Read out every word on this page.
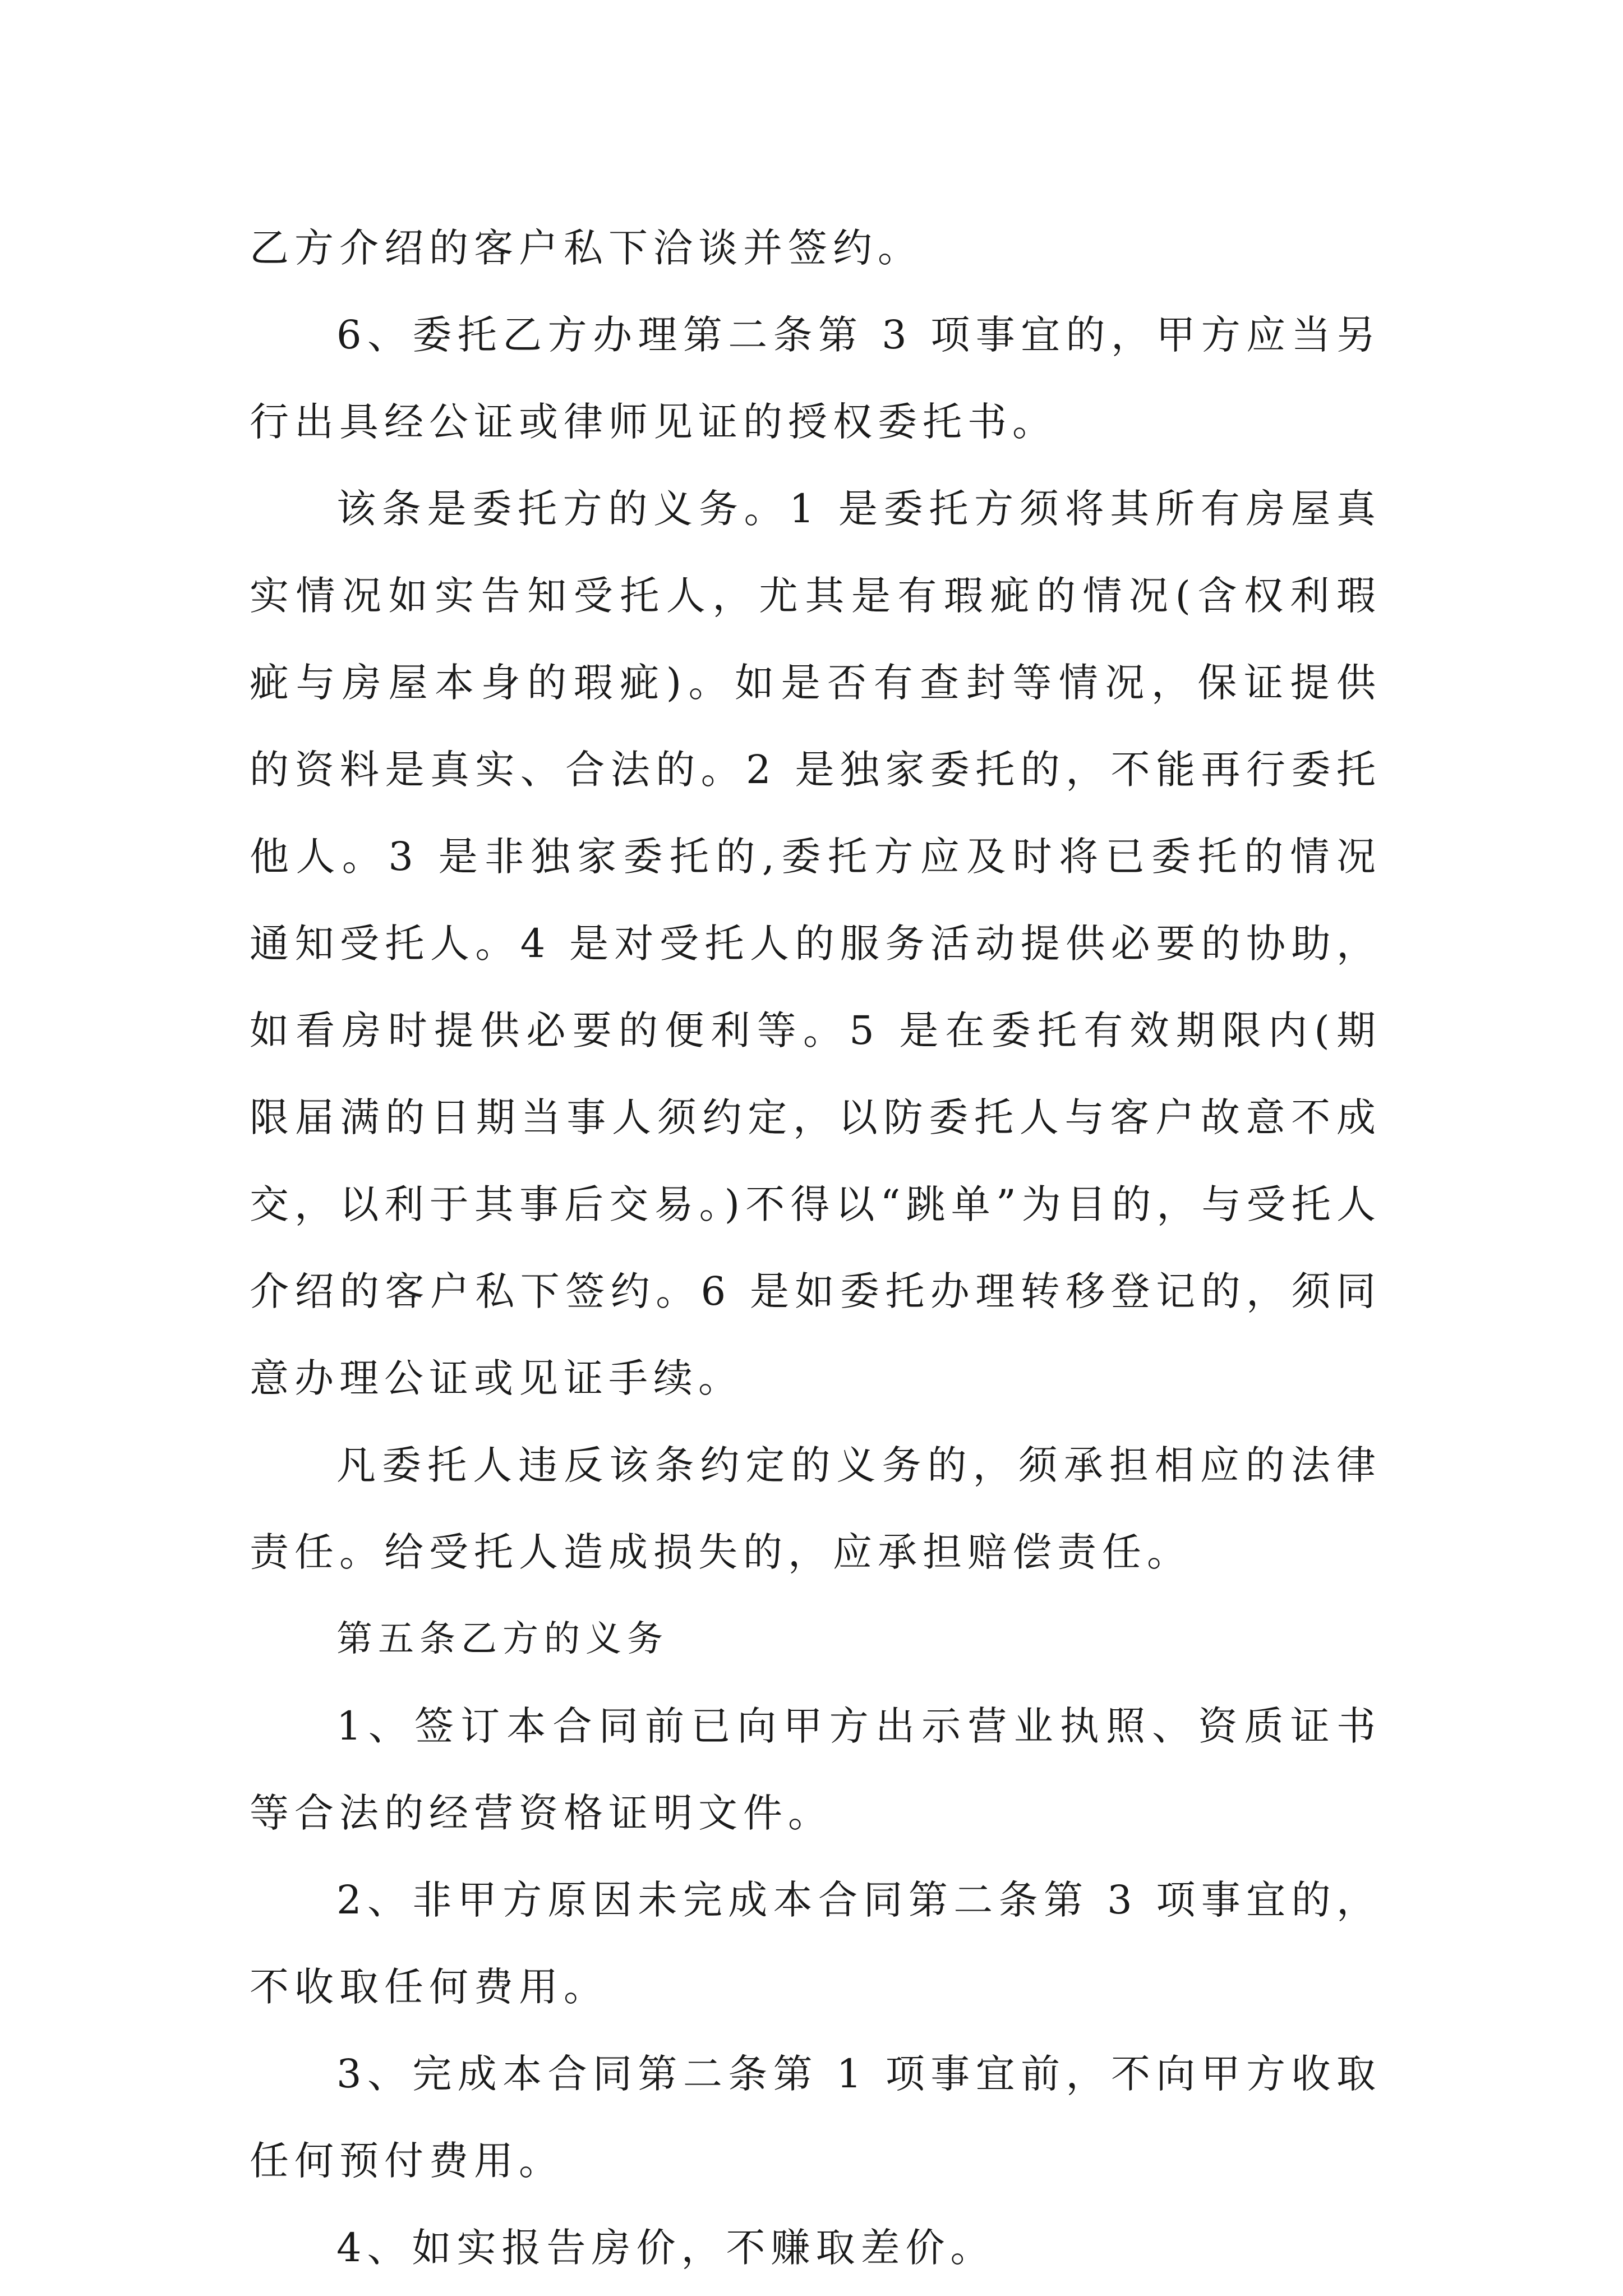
乙方介绍的客户私下洽谈并签约。

6、委托乙方办理第二条第 3 项事宜的，甲方应当另行出具经公证或律师见证的授权委托书。

该条是委托方的义务。1 是委托方须将其所有房屋真实情况如实告知受托人，尤其是有瑕疵的情况(含权利瑕疵与房屋本身的瑕疵)。如是否有查封等情况，保证提供的资料是真实、合法的。2 是独家委托的，不能再行委托他人。3 是非独家委托的,委托方应及时将已委托的情况通知受托人。4 是对受托人的服务活动提供必要的协助，如看房时提供必要的便利等。5 是在委托有效期限内(期限届满的日期当事人须约定，以防委托人与客户故意不成交，以利于其事后交易。)不得以“跳单”为目的，与受托人介绍的客户私下签约。6 是如委托办理转移登记的，须同意办理公证或见证手续。

凡委托人违反该条约定的义务的，须承担相应的法律责任。给受托人造成损失的，应承担赔偿责任。

第五条乙方的义务

1、签订本合同前已向甲方出示营业执照、资质证书等合法的经营资格证明文件。

2、非甲方原因未完成本合同第二条第 3 项事宜的，不收取任何费用。

3、完成本合同第二条第 1 项事宜前，不向甲方收取任何预付费用。

4、如实报告房价，不赚取差价。
